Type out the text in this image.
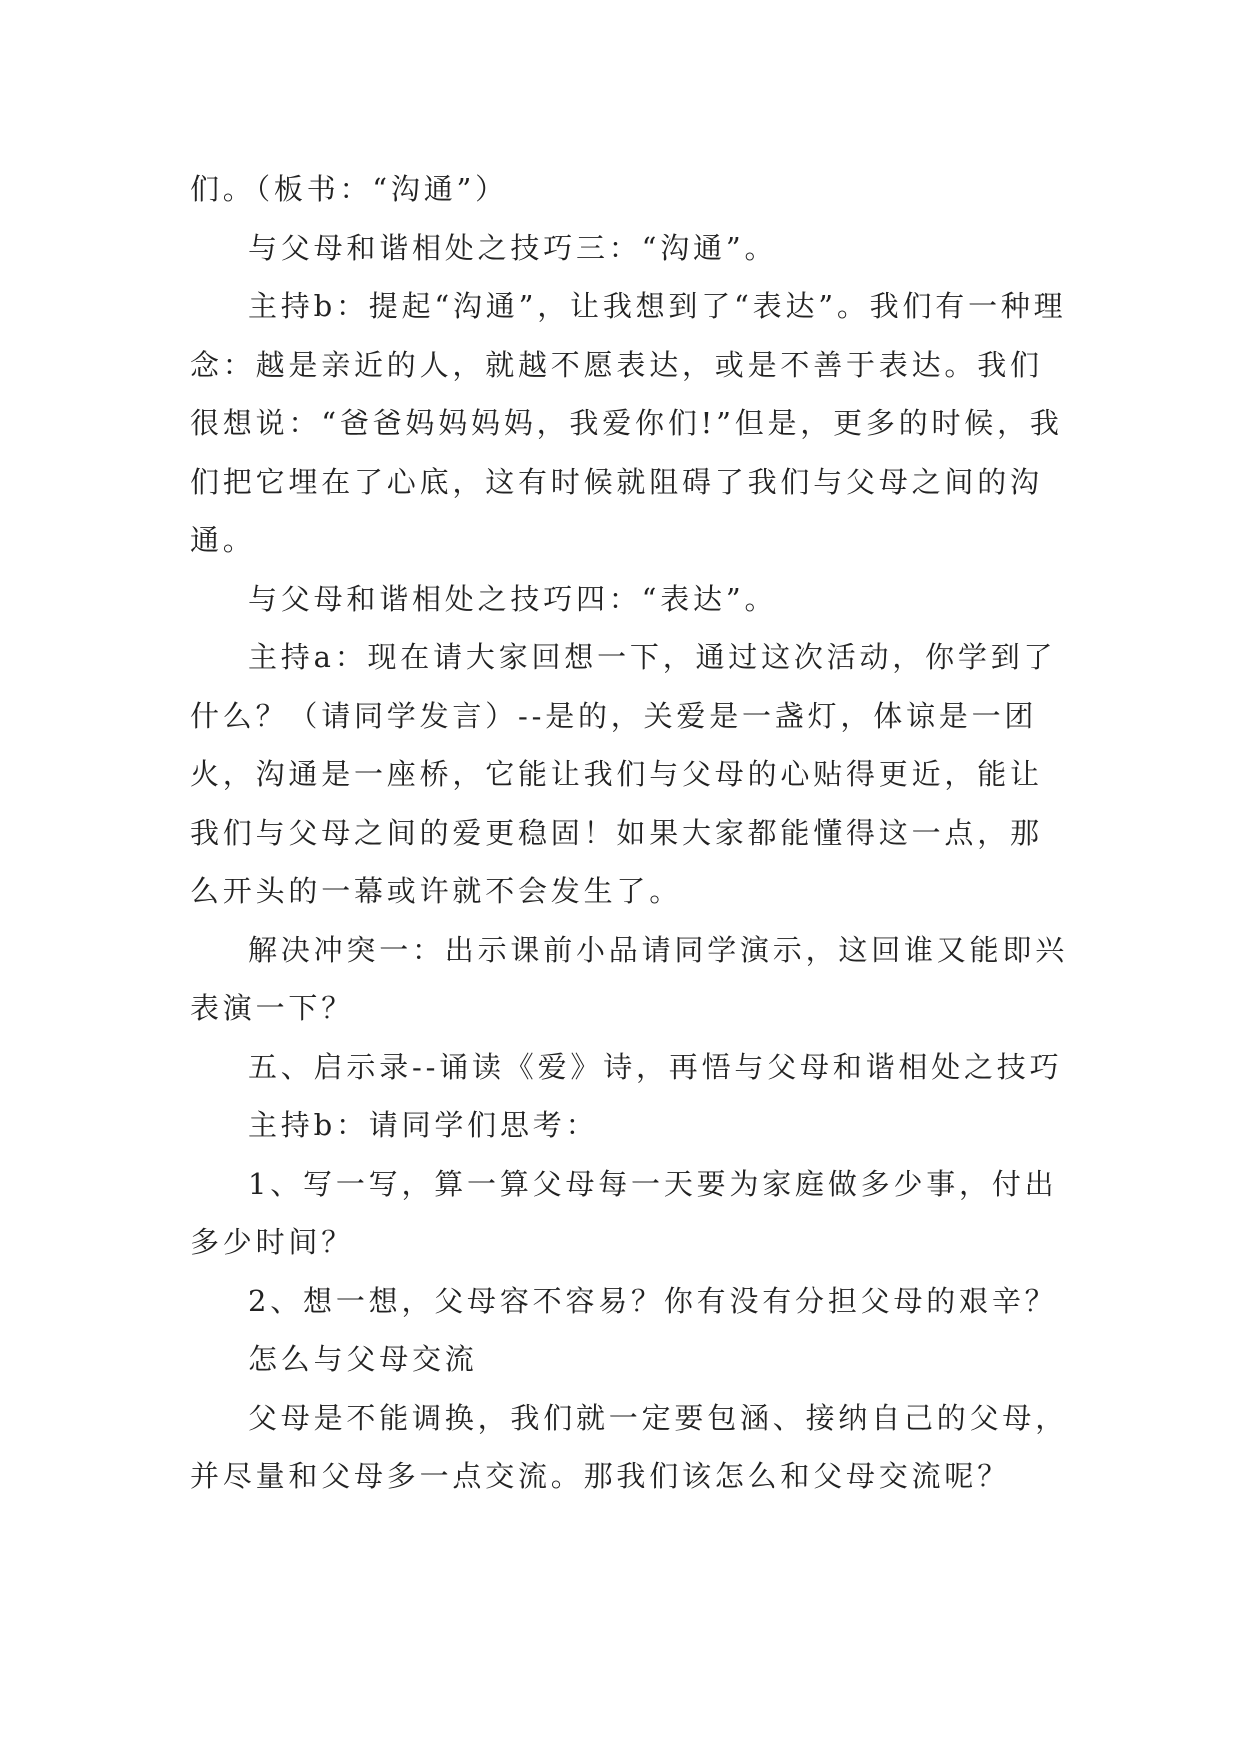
们。（板书：“沟通”）

与父母和谐相处之技巧三：“沟通”。

主持b：提起“沟通”，让我想到了“表达”。我们有一种理念：越是亲近的人，就越不愿表达，或是不善于表达。我们很想说：“爸爸妈妈妈妈，我爱你们!”但是，更多的时候，我们把它埋在了心底，这有时候就阻碍了我们与父母之间的沟通。

与父母和谐相处之技巧四：“表达”。

主持a：现在请大家回想一下，通过这次活动，你学到了什么？（请同学发言）--是的，关爱是一盏灯，体谅是一团火，沟通是一座桥，它能让我们与父母的心贴得更近，能让我们与父母之间的爱更稳固！如果大家都能懂得这一点，那么开头的一幕或许就不会发生了。

解决冲突一：出示课前小品请同学演示，这回谁又能即兴表演一下？

五、启示录--诵读《爱》诗，再悟与父母和谐相处之技巧

主持b：请同学们思考：

1、写一写，算一算父母每一天要为家庭做多少事，付出多少时间？

2、想一想，父母容不容易？你有没有分担父母的艰辛？

怎么与父母交流

父母是不能调换，我们就一定要包涵、接纳自己的父母，并尽量和父母多一点交流。那我们该怎么和父母交流呢？
